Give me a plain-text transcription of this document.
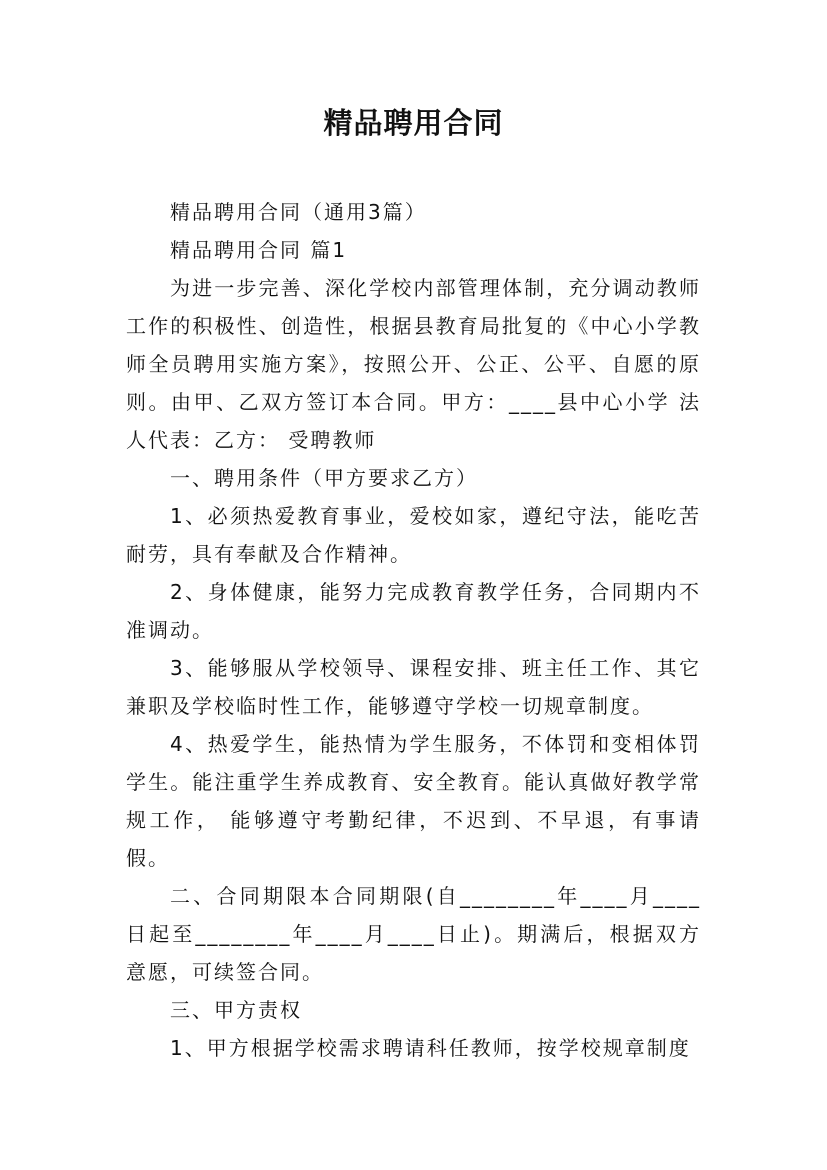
精品聘用合同

精品聘用合同（通用3篇）

精品聘用合同 篇1

为进一步完善、深化学校内部管理体制，充分调动教师工作的积极性、创造性，根据县教育局批复的《中心小学教师全员聘用实施方案》，按照公开、公正、公平、自愿的原则。由甲、乙双方签订本合同。甲方：____县中心小学 法人代表：乙方： 受聘教师

一、聘用条件（甲方要求乙方）

1、必须热爱教育事业，爱校如家，遵纪守法，能吃苦耐劳，具有奉献及合作精神。

2、身体健康，能努力完成教育教学任务，合同期内不准调动。

3、能够服从学校领导、课程安排、班主任工作、其它兼职及学校临时性工作，能够遵守学校一切规章制度。

4、热爱学生，能热情为学生服务，不体罚和变相体罚学生。能注重学生养成教育、安全教育。能认真做好教学常规工作， 能够遵守考勤纪律，不迟到、不早退，有事请假。

二、合同期限本合同期限(自________年____月____日起至________年____月____日止)。期满后，根据双方意愿，可续签合同。

三、甲方责权

1、甲方根据学校需求聘请科任教师，按学校规章制度
